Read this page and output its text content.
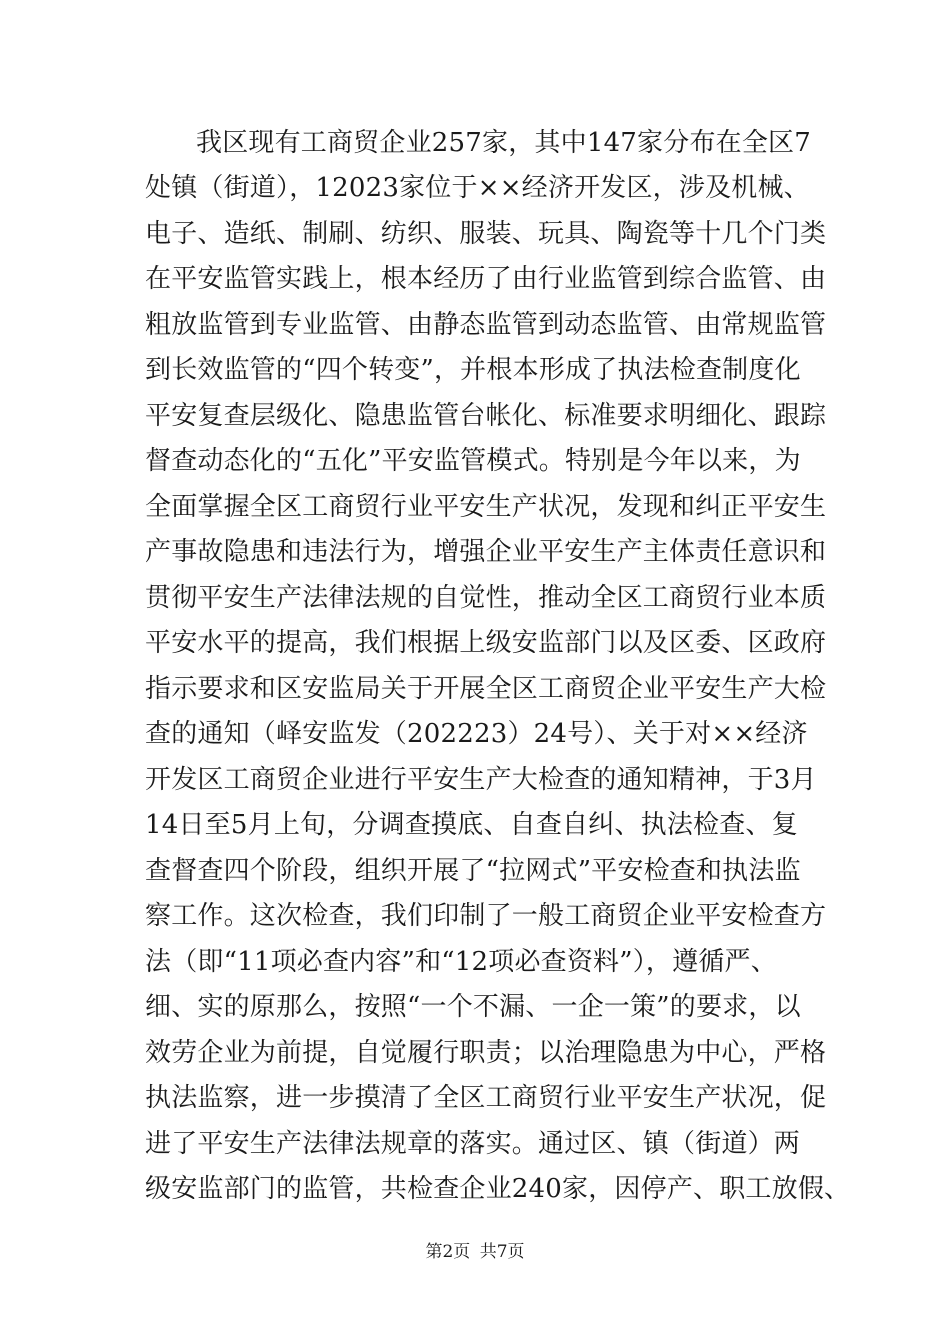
我区现有工商贸企业257家，其中147家分布在全区7
处镇（街道），12023家位于××经济开发区，涉及机械、
电子、造纸、制刷、纺织、服装、玩具、陶瓷等十几个门类
在平安监管实践上，根本经历了由行业监管到综合监管、由
粗放监管到专业监管、由静态监管到动态监管、由常规监管
到长效监管的“四个转变”，并根本形成了执法检查制度化
平安复查层级化、隐患监管台帐化、标准要求明细化、跟踪
督查动态化的“五化”平安监管模式。特别是今年以来，为
全面掌握全区工商贸行业平安生产状况，发现和纠正平安生
产事故隐患和违法行为，增强企业平安生产主体责任意识和
贯彻平安生产法律法规的自觉性，推动全区工商贸行业本质
平安水平的提高，我们根据上级安监部门以及区委、区政府
指示要求和区安监局关于开展全区工商贸企业平安生产大检
查的通知（峄安监发（202223）24号）、关于对××经济
开发区工商贸企业进行平安生产大检查的通知精神，于3月
14日至5月上旬，分调查摸底、自查自纠、执法检查、复
查督查四个阶段，组织开展了“拉网式”平安检查和执法监
察工作。这次检查，我们印制了一般工商贸企业平安检查方
法（即“11项必查内容”和“12项必查资料”），遵循严、
细、实的原那么，按照“一个不漏、一企一策”的要求，以
效劳企业为前提，自觉履行职责；以治理隐患为中心，严格
执法监察，进一步摸清了全区工商贸行业平安生产状况，促
进了平安生产法律法规章的落实。通过区、镇（街道）两
级安监部门的监管，共检查企业240家，因停产、职工放假、
第2页 共7页
